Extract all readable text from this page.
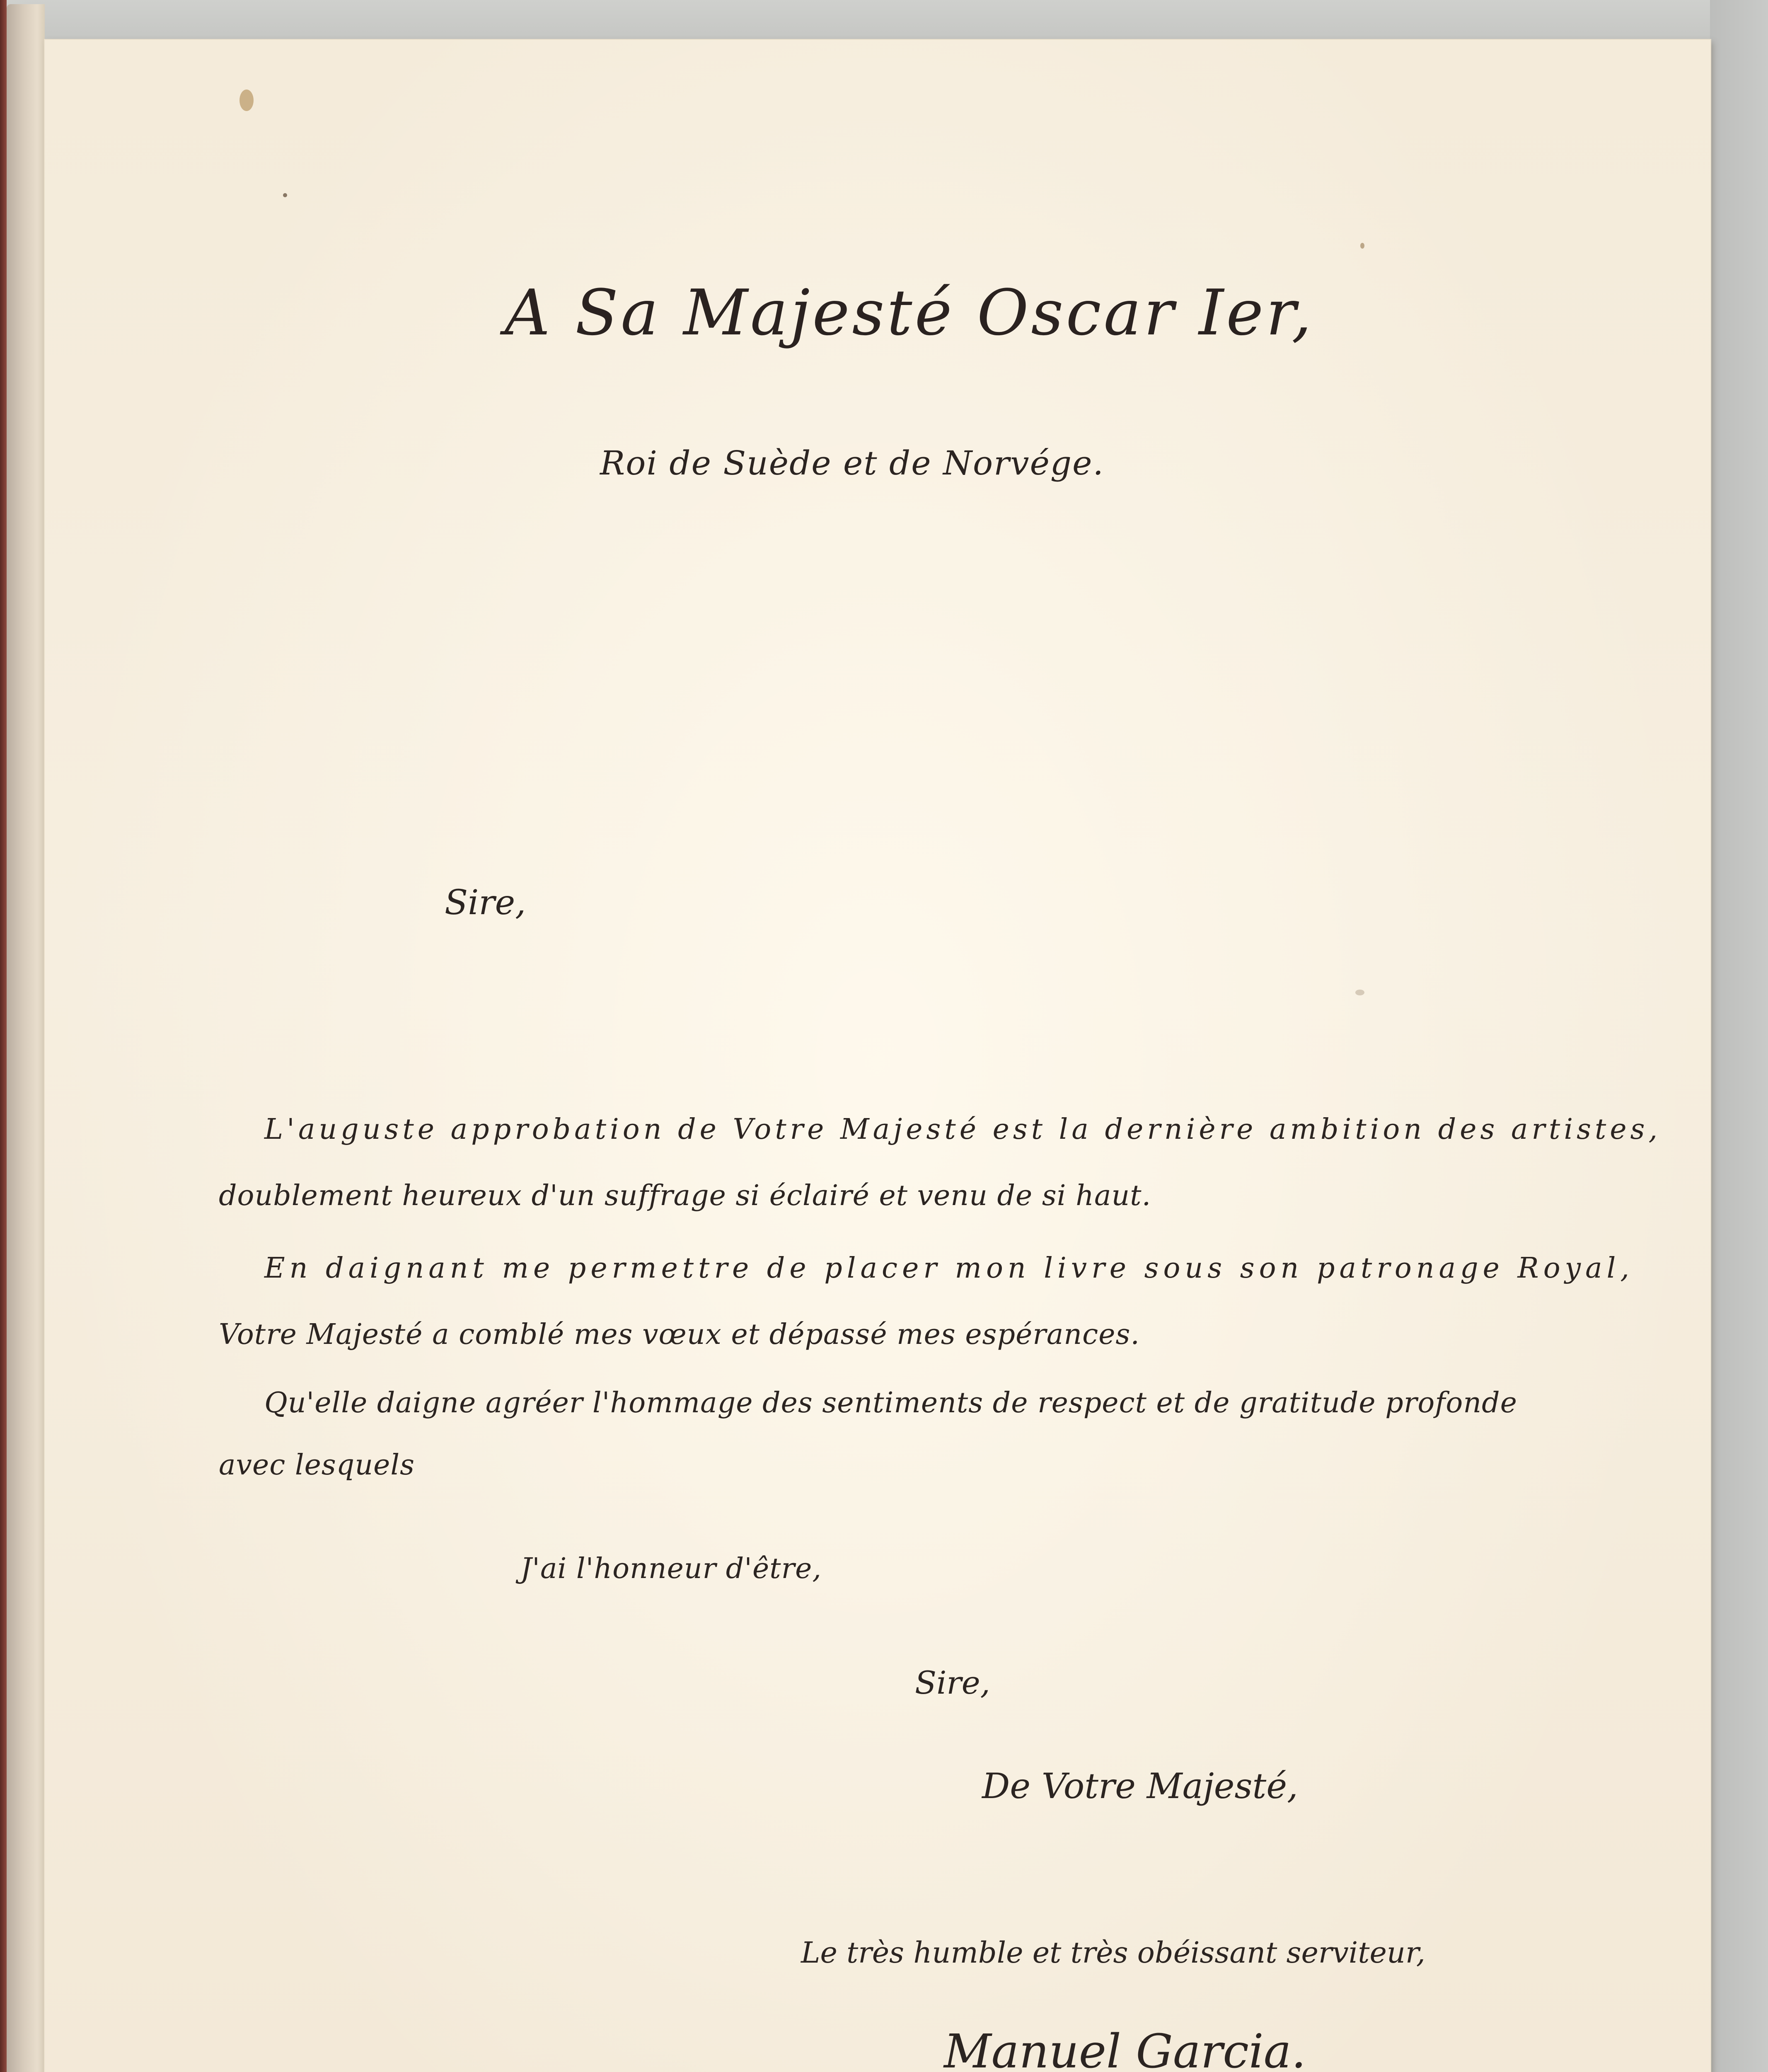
A Sa Majesté Oscar Ier,
Roi de Suède et de Norvége.
Sire,
L'auguste approbation de Votre Majesté est la dernière ambition des artistes,
doublement heureux d'un suffrage si éclairé et venu de si haut.
En daignant me permettre de placer mon livre sous son patronage Royal,
Votre Majesté a comblé mes vœux et dépassé mes espérances.
Qu'elle daigne agréer l'hommage des sentiments de respect et de gratitude profonde
avec lesquels
J'ai l'honneur d'être,
Sire,
De Votre Majesté,
Le très humble et très obéissant serviteur,
Manuel Garcia.
